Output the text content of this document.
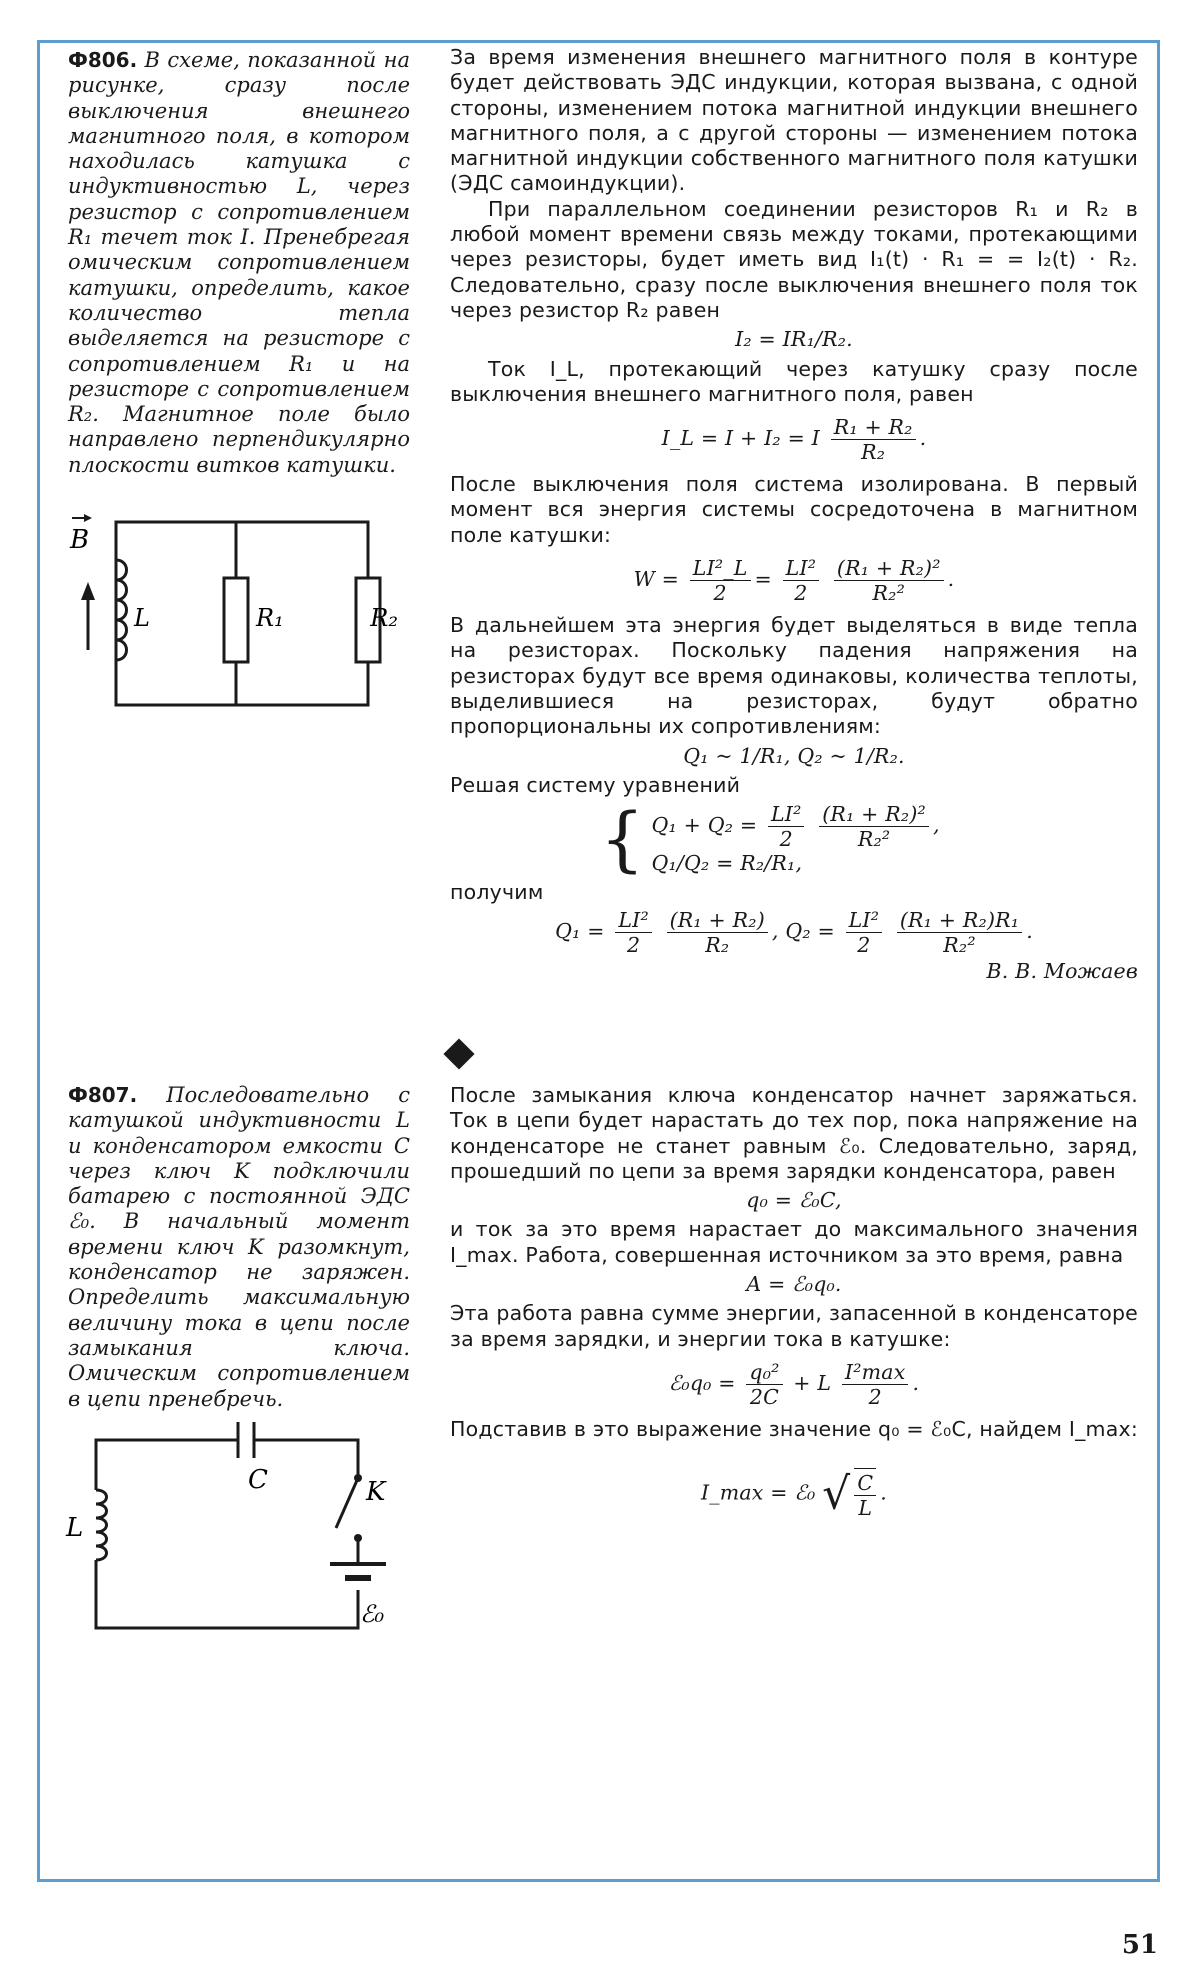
Ф806. В схеме, показанной на рисунке, сразу после выключения внешнего магнитного поля, в котором находилась катушка с индуктивностью L, через резистор с сопротивлением R₁ течет ток I. Пренебрегая омическим сопротивлением катушки, определить, какое количество тепла выделяется на резисторе с сопротивлением R₁ и на резисторе с сопротивлением R₂. Магнитное поле было направлено перпендикулярно плоскости витков катушки.
B
L	R₁	R₂

За время изменения внешнего магнитного поля в контуре будет действовать ЭДС индукции, которая вызвана, с одной стороны, изменением потока магнитной индукции внешнего магнитного поля, а с другой стороны — изменением потока магнитной индукции собственного магнитного поля катушки (ЭДС самоиндукции).

При параллельном соединении резисторов R₁ и R₂ в любой момент времени связь между токами, протекающими через резисторы, будет иметь вид I₁(t) · R₁ = = I₂(t) · R₂. Следовательно, сразу после выключения внешнего поля ток через резистор R₂ равен

I₂ = IR₁/R₂.

Ток I_L, протекающий через катушку сразу после выключения внешнего магнитного поля, равен

I_L = I + I₂ = I $\frac{\text{R₁ + R₂}}{\text{R₂}}$ .

После выключения поля система изолирована. В первый момент вся энергия системы сосредоточена в магнитном поле катушки:

$W = \frac{\text{LI²\_L}}{2} = \frac{\text{LI²}}{2}$
$\frac{\text{(R₁ + R₂)²}}{\text{R₂²}}$ .

В дальнейшем эта энергия будет выделяться в виде тепла на резисторах. Поскольку падения напряжения на резисторах будут все время одинаковы, количества теплоты, выделившиеся на резисторах, будут обратно пропорциональны их сопротивлениям:

Q₁ ~ 1/R₁, Q₂ ~ 1/R₂.

Решая систему уравнений

{ $Q_1 + Q_2 = \frac{\text{LI²}}{2}$
$\frac{\text{(R₁ + R₂)²}}{\text{R₂²}}$ ,
Q₁/Q₂ = R₂/R₁,

получим

$Q_1 = \frac{\text{LI²}}{2}$
$\frac{\text{(R₁ + R₂)}}{\text{R₂}}$ , $Q_2 = \frac{\text{LI²}}{2}$
$\frac{\text{(R₁ + R₂)R₁}}{\text{R₂²}}$ .
В. В. Можаев
Ф807. Последовательно с катушкой индуктивности L и конденсатором емкости C через ключ K подключили батарею с постоянной ЭДС ℰ₀. В начальный момент времени ключ K разомкнут, конденсатор не заряжен. Определить максимальную величину тока в цепи после замыкания ключа. Омическим сопротивлением в цепи пренебречь.
C	K
L
ℰ₀

После замыкания ключа конденсатор начнет заряжаться. Ток в цепи будет нарастать до тех пор, пока напряжение на конденсаторе не станет равным ℰ₀. Следовательно, заряд, прошедший по цепи за время зарядки конденсатора, равен

q₀ = ℰ₀C,

и ток за это время нарастает до максимального значения I_max. Работа, совершенная источником за это время, равна

A = ℰ₀q₀.

Эта работа равна сумме энергии, запасенной в конденсаторе за время зарядки, и энергии тока в катушке:

ℰ₀q₀ = $\frac{\text{q₀²}}{2C} + L \frac{\text{I²max}}{2}$ .

Подставив в это выражение значение q₀ = ℰ₀C, найдем I_max:

I_max = ℰ₀ √ $\frac{C}{L}$ .
51
